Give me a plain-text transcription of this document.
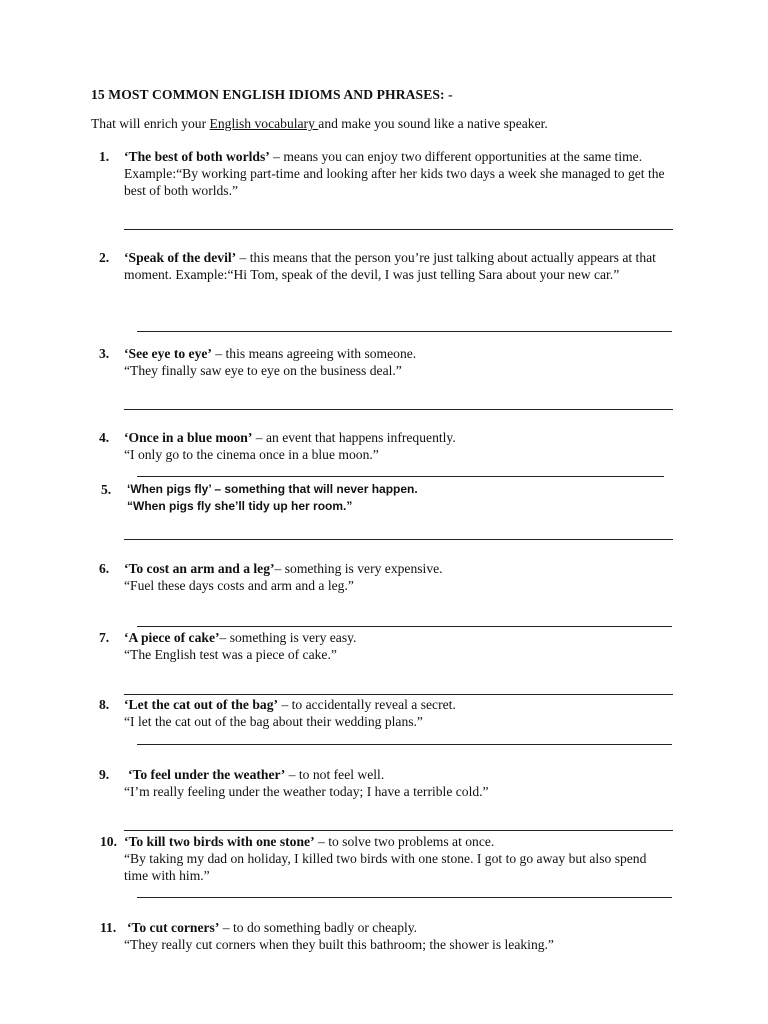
15 MOST COMMON ENGLISH IDIOMS AND PHRASES: -
That will enrich your English vocabulary and make you sound like a native speaker.
1.	‘The best of both worlds’ – means you can enjoy two different opportunities at the same time. Example:“By working part-time and looking after her kids two days a week she managed to get the best of both worlds.”
2.	‘Speak of the devil’ – this means that the person you’re just talking about actually appears at that moment. Example:“Hi Tom, speak of the devil, I was just telling Sara about your new car.”
3.	‘See eye to eye’ – this means agreeing with someone.
“They finally saw eye to eye on the business deal.”
4.	‘Once in a blue moon’ – an event that happens infrequently.
“I only go to the cinema once in a blue moon.”
5.	‘When pigs fly’ – something that will never happen.
“When pigs fly she’ll tidy up her room.”
6.	‘To cost an arm and a leg’– something is very expensive.
“Fuel these days costs and arm and a leg.”
7.	‘A piece of cake’– something is very easy.
“The English test was a piece of cake.”
8.	‘Let the cat out of the bag’ – to accidentally reveal a secret.
“I let the cat out of the bag about their wedding plans.”
9.	‘To feel under the weather’ – to not feel well.
“I’m really feeling under the weather today; I have a terrible cold.”
10. ‘To kill two birds with one stone’ – to solve two problems at once.
“By taking my dad on holiday, I killed two birds with one stone. I got to go away but also spend time with him.”
11. ‘To cut corners’ – to do something badly or cheaply.
“They really cut corners when they built this bathroom; the shower is leaking.”
